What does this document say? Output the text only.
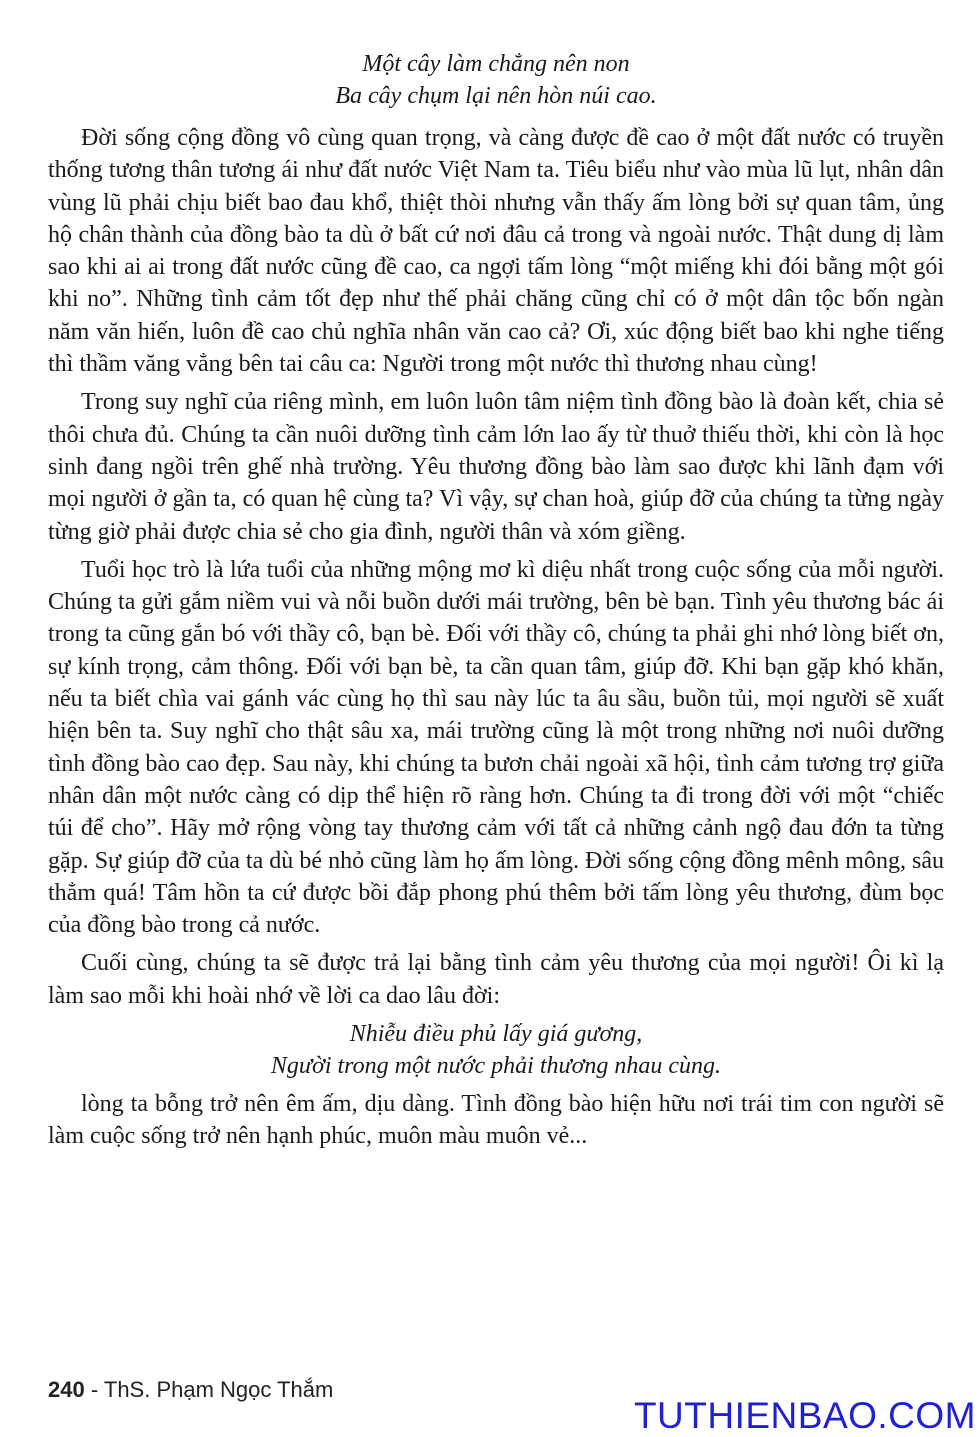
Một cây làm chẳng nên non

Ba cây chụm lại nên hòn núi cao.

Đời sống cộng đồng vô cùng quan trọng, và càng được đề cao ở một đất nước có truyền thống tương thân tương ái như đất nước Việt Nam ta. Tiêu biểu như vào mùa lũ lụt, nhân dân vùng lũ phải chịu biết bao đau khổ, thiệt thòi nhưng vẫn thấy ấm lòng bởi sự quan tâm, ủng hộ chân thành của đồng bào ta dù ở bất cứ nơi đâu cả trong và ngoài nước. Thật dung dị làm sao khi ai ai trong đất nước cũng đề cao, ca ngợi tấm lòng “một miếng khi đói bằng một gói khi no”. Những tình cảm tốt đẹp như thế phải chăng cũng chỉ có ở một dân tộc bốn ngàn năm văn hiến, luôn đề cao chủ nghĩa nhân văn cao cả? Ơi, xúc động biết bao khi nghe tiếng thì thầm văng vẳng bên tai câu ca: Người trong một nước thì thương nhau cùng!

Trong suy nghĩ của riêng mình, em luôn luôn tâm niệm tình đồng bào là đoàn kết, chia sẻ thôi chưa đủ. Chúng ta cần nuôi dưỡng tình cảm lớn lao ấy từ thuở thiếu thời, khi còn là học sinh đang ngồi trên ghế nhà trường. Yêu thương đồng bào làm sao được khi lãnh đạm với mọi người ở gần ta, có quan hệ cùng ta? Vì vậy, sự chan hoà, giúp đỡ của chúng ta từng ngày từng giờ phải được chia sẻ cho gia đình, người thân và xóm giềng.

Tuổi học trò là lứa tuổi của những mộng mơ kì diệu nhất trong cuộc sống của mỗi người. Chúng ta gửi gắm niềm vui và nỗi buồn dưới mái trường, bên bè bạn. Tình yêu thương bác ái trong ta cũng gắn bó với thầy cô, bạn bè. Đối với thầy cô, chúng ta phải ghi nhớ lòng biết ơn, sự kính trọng, cảm thông. Đối với bạn bè, ta cần quan tâm, giúp đỡ. Khi bạn gặp khó khăn, nếu ta biết chìa vai gánh vác cùng họ thì sau này lúc ta âu sầu, buồn tủi, mọi người sẽ xuất hiện bên ta. Suy nghĩ cho thật sâu xa, mái trường cũng là một trong những nơi nuôi dưỡng tình đồng bào cao đẹp. Sau này, khi chúng ta bươn chải ngoài xã hội, tình cảm tương trợ giữa nhân dân một nước càng có dịp thể hiện rõ ràng hơn. Chúng ta đi trong đời với một “chiếc túi để cho”. Hãy mở rộng vòng tay thương cảm với tất cả những cảnh ngộ đau đớn ta từng gặp. Sự giúp đỡ của ta dù bé nhỏ cũng làm họ ấm lòng. Đời sống cộng đồng mênh mông, sâu thẳm quá! Tâm hồn ta cứ được bồi đắp phong phú thêm bởi tấm lòng yêu thương, đùm bọc của đồng bào trong cả nước.

Cuối cùng, chúng ta sẽ được trả lại bằng tình cảm yêu thương của mọi người! Ôi kì lạ làm sao mỗi khi hoài nhớ về lời ca dao lâu đời:

Nhiễu điều phủ lấy giá gương,

Người trong một nước phải thương nhau cùng.

lòng ta bỗng trở nên êm ấm, dịu dàng. Tình đồng bào hiện hữu nơi trái tim con người sẽ làm cuộc sống trở nên hạnh phúc, muôn màu muôn vẻ...

240 - ThS. Phạm Ngọc Thắm
TUTHIENBAO.COM
